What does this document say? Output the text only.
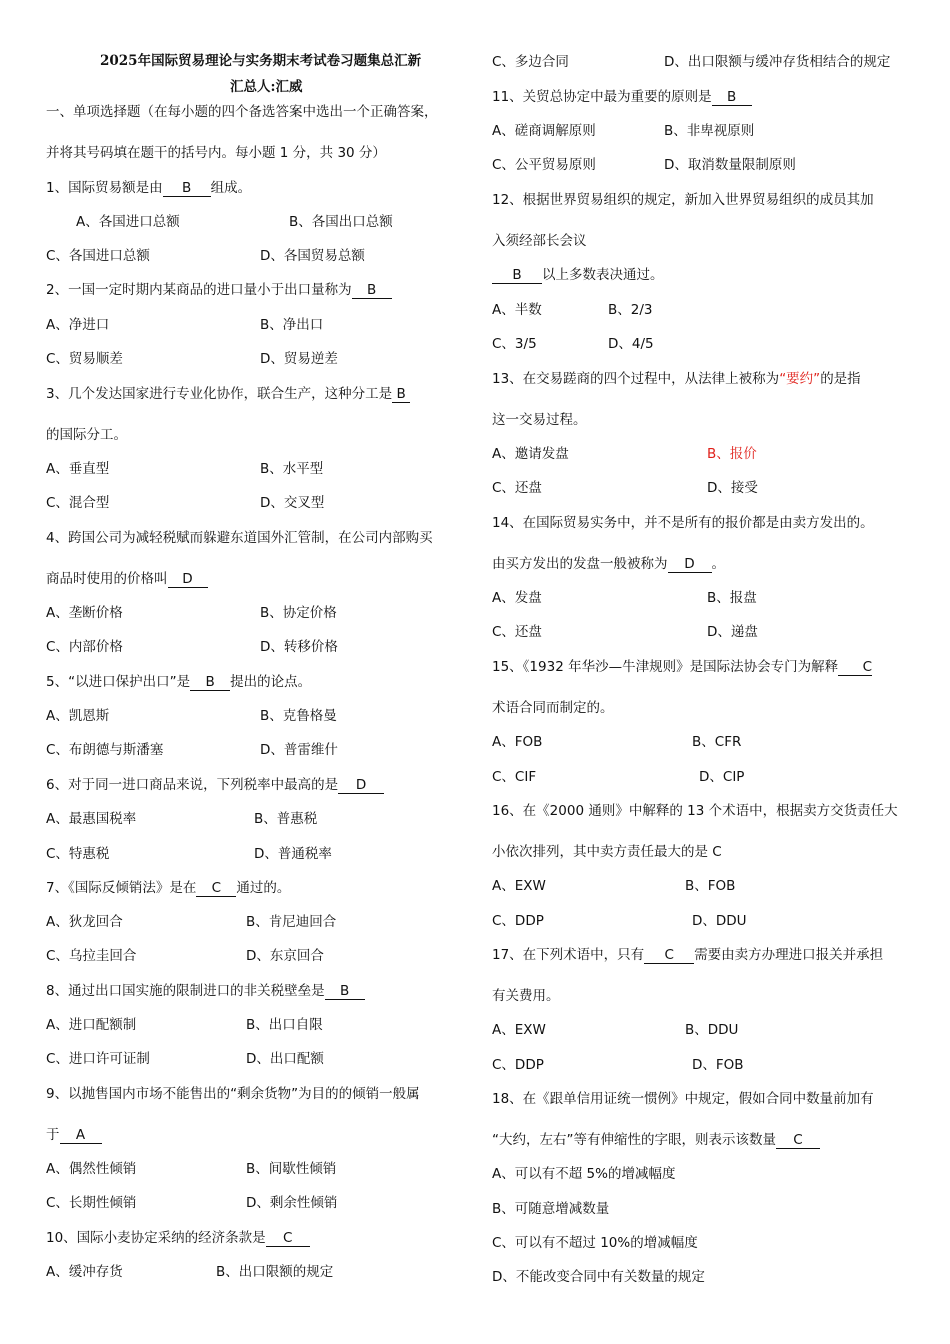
2025年国际贸易理论与实务期末考试卷习题集总汇新
汇总人:汇威
一、单项选择题（在每小题的四个备选答案中选出一个正确答案，
并将其号码填在题干的括号内。每小题 1 分，共 30 分）
1、国际贸易额是由 B 组成。
A、各国进口总额	B、各国出口总额
C、各国进口总额	D、各国贸易总额
2、一国一定时期内某商品的进口量小于出口量称为 B
A、净进口	B、净出口
C、贸易顺差	D、贸易逆差
3、几个发达国家进行专业化协作，联合生产，这种分工是 B
的国际分工。
A、垂直型	B、水平型
C、混合型	D、交叉型
4、跨国公司为减轻税赋而躲避东道国外汇管制，在公司内部购买
商品时使用的价格叫 D
A、垄断价格	B、协定价格
C、内部价格	D、转移价格
5、“以进口保护出口”是 B 提出的论点。
A、凯恩斯	B、克鲁格曼
C、布朗德与斯潘塞	D、普雷维什
6、对于同一进口商品来说，下列税率中最高的是 D
A、最惠国税率	B、普惠税
C、特惠税	D、普通税率
7、《国际反倾销法》是在 C 通过的。
A、狄龙回合	B、肯尼迪回合
C、乌拉圭回合	D、东京回合
8、通过出口国实施的限制进口的非关税壁垒是 B
A、进口配额制	B、出口自限
C、进口许可证制	D、出口配额
9、以抛售国内市场不能售出的“剩余货物”为目的的倾销一般属
于 A
A、偶然性倾销	B、间歇性倾销
C、长期性倾销	D、剩余性倾销
10、国际小麦协定采纳的经济条款是 C
A、缓冲存货	B、出口限额的规定
C、多边合同	D、出口限额与缓冲存货相结合的规定
11、关贸总协定中最为重要的原则是 B
A、磋商调解原则	B、非卑视原则
C、公平贸易原则	D、取消数量限制原则
12、根据世界贸易组织的规定，新加入世界贸易组织的成员其加
入须经部长会议
B 以上多数表决通过。
A、半数	B、2/3
C、3/5	D、4/5
13、在交易蹉商的四个过程中，从法律上被称为“要约”的是指
这一交易过程。
A、邀请发盘	B、报价
C、还盘	D、接受
14、在国际贸易实务中，并不是所有的报价都是由卖方发出的。
由买方发出的发盘一般被称为 D 。
A、发盘	B、报盘
C、还盘	D、递盘
15、《1932 年华沙—牛津规则》是国际法协会专门为解释 C
术语合同而制定的。
A、FOB	B、CFR
C、CIF	D、CIP
16、在《2000 通则》中解释的 13 个术语中，根据卖方交货责任大
小依次排列，其中卖方责任最大的是 C
A、EXW	B、FOB
C、DDP	D、DDU
17、在下列术语中，只有 C 需要由卖方办理进口报关并承担
有关费用。
A、EXW	B、DDU
C、DDP	D、FOB
18、在《跟单信用证统一惯例》中规定，假如合同中数量前加有
“大约，左右”等有伸缩性的字眼，则表示该数量 C
A、可以有不超 5%的增减幅度
B、可随意增减数量
C、可以有不超过 10%的增减幅度
D、不能改变合同中有关数量的规定
